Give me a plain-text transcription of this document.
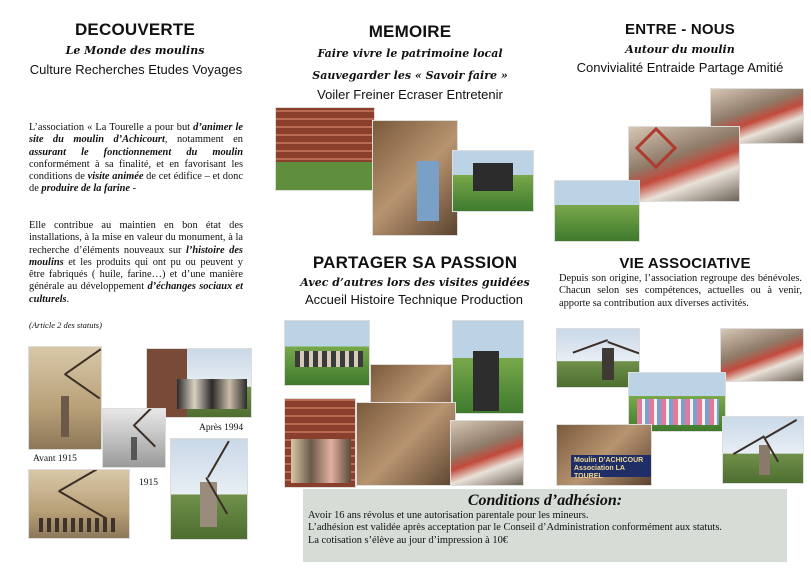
DECOUVERTE
Le Monde des moulins
Culture Recherches Etudes Voyages
L’association « La Tourelle a pour but d’animer le site du moulin d’Achicourt, notamment en assurant le fonctionnement du moulin conformément à sa finalité, et en favorisant les conditions de visite animée de cet édifice – et donc de produire de la farine -
Elle contribue au maintien en bon état des installations, à la mise en valeur du monument, à la recherche d’éléments nouveaux sur l’histoire des moulins et les produits qui ont pu ou peuvent y être fabriqués ( huile, farine…) et d’une manière générale au développement d’échanges sociaux et culturels.
(Article 2 des statuts)
Avant 1915
Après 1994
1915
MEMOIRE
Faire vivre le patrimoine local
Sauvegarder les « Savoir faire »
Voiler Freiner Ecraser Entretenir
PARTAGER SA PASSION
Avec d’autres lors des visites guidées
Accueil Histoire Technique Production
ENTRE - NOUS
Autour du moulin
Convivialité Entraide Partage Amitié
VIE ASSOCIATIVE
Depuis son origine, l’association regroupe des bénévoles. Chacun selon ses compétences, actuelles ou à venir, apporte sa contribution aux diverses activités.
Moulin D’ACHICOUR
Association LA TOUREL
Conditions d’adhésion:
Avoir 16 ans révolus et une autorisation parentale pour les mineurs.
L’adhésion est validée après acceptation par le Conseil d’Administration conformément aux statuts.
La cotisation s’élève au jour d’impression à 10€
